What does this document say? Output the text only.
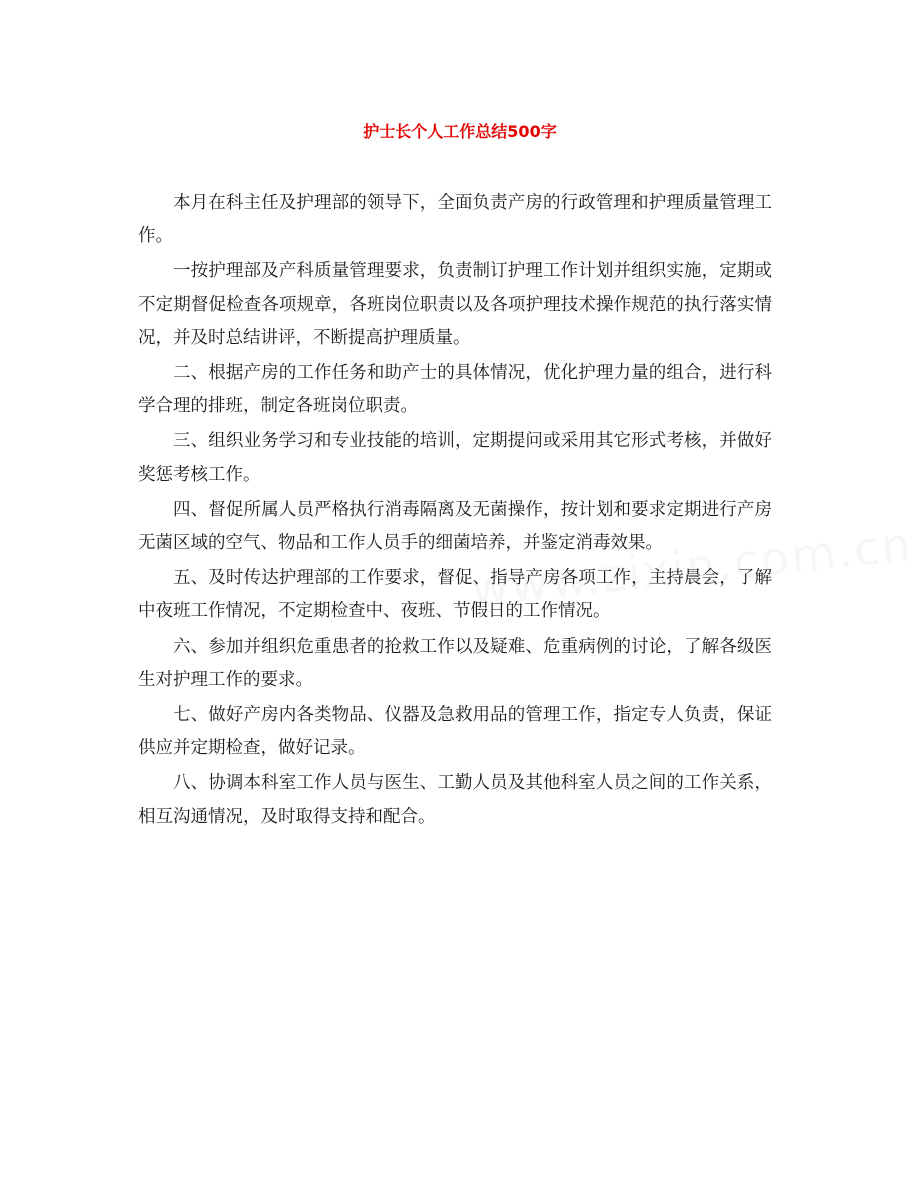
护士长个人工作总结500字

本月在科主任及护理部的领导下，全面负责产房的行政管理和护理质量管理工作。

一按护理部及产科质量管理要求，负责制订护理工作计划并组织实施，定期或不定期督促检查各项规章，各班岗位职责以及各项护理技术操作规范的执行落实情况，并及时总结讲评，不断提高护理质量。

二、根据产房的工作任务和助产士的具体情况，优化护理力量的组合，进行科学合理的排班，制定各班岗位职责。

三、组织业务学习和专业技能的培训，定期提问或采用其它形式考核，并做好奖惩考核工作。

四、督促所属人员严格执行消毒隔离及无菌操作，按计划和要求定期进行产房无菌区域的空气、物品和工作人员手的细菌培养，并鉴定消毒效果。

五、及时传达护理部的工作要求，督促、指导产房各项工作，主持晨会，了解中夜班工作情况，不定期检查中、夜班、节假日的工作情况。

六、参加并组织危重患者的抢救工作以及疑难、危重病例的讨论，了解各级医生对护理工作的要求。

七、做好产房内各类物品、仪器及急救用品的管理工作，指定专人负责，保证供应并定期检查，做好记录。

八、协调本科室工作人员与医生、工勤人员及其他科室人员之间的工作关系，相互沟通情况，及时取得支持和配合。
